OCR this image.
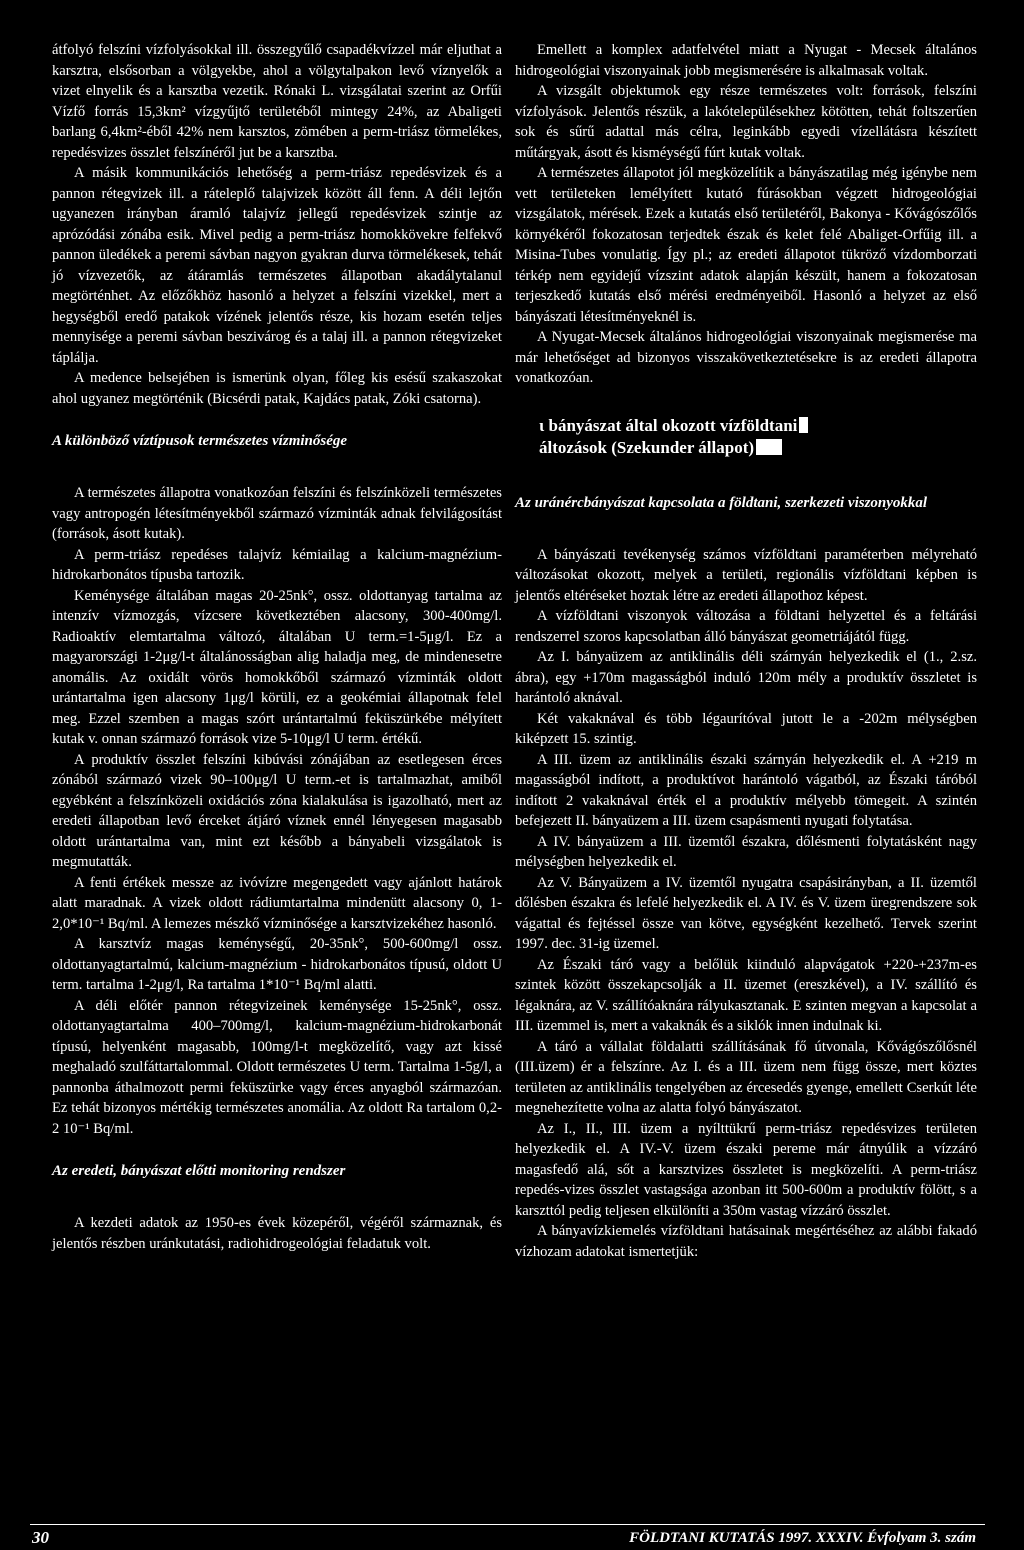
átfolyó felszíni vízfolyásokkal ill. összegyűlő csapadékvízzel már eljuthat a karsztra, elsősorban a völgyekbe, ahol a völgytalpakon levő víznyelők a vizet elnyelik és a karsztba vezetik. Rónaki L. vizsgálatai szerint az Orfűi Vízfő forrás 15,3km² vízgyűjtő területéből mintegy 24%, az Abaligeti barlang 6,4km²-éből 42% nem karsztos, zömében a perm-triász törmelékes, repedésvizes összlet felszínéről jut be a karsztba.

A másik kommunikációs lehetőség a perm-triász repedésvizek és a pannon rétegvizek ill. a ráteleplő talajvizek között áll fenn. A déli lejtőn ugyanezen irányban áramló talajvíz jellegű repedésvizek szintje az aprózódási zónába esik. Mivel pedig a perm-triász homokkövekre felfekvő pannon üledékek a peremi sávban nagyon gyakran durva törmelékesek, tehát jó vízvezetők, az átáramlás természetes állapotban akadálytalanul megtörténhet. Az előzőkhöz hasonló a helyzet a felszíni vizekkel, mert a hegységből eredő patakok vízének jelentős része, kis hozam esetén teljes mennyisége a peremi sávban beszivárog és a talaj ill. a pannon rétegvizeket táplálja.

A medence belsejében is ismerünk olyan, főleg kis esésű szakaszokat ahol ugyanez megtörténik (Bicsérdi patak, Kajdács patak, Zóki csatorna).

A különböző víztípusok természetes vízminősége

A természetes állapotra vonatkozóan felszíni és felszínközeli természetes vagy antropogén létesítményekből származó vízminták adnak felvilágosítást (források, ásott kutak).

A perm-triász repedéses talajvíz kémiailag a kalcium-magnézium-hidrokarbonátos típusba tartozik.

Keménysége általában magas 20-25nk°, ossz. oldottanyag tartalma az intenzív vízmozgás, vízcsere következtében alacsony, 300-400mg/l. Radioaktív elemtartalma változó, általában U term.=1-5μg/l. Ez a magyarországi 1-2μg/l-t általánosságban alig haladja meg, de mindenesetre anomális. Az oxidált vörös homokkőből származó vízminták oldott urántartalma igen alacsony 1μg/l körüli, ez a geokémiai állapotnak felel meg. Ezzel szemben a magas szórt urántartalmú feküszürkébe mélyített kutak v. onnan származó források vize 5-10μg/l U term. értékű.

A produktív összlet felszíni kibúvási zónájában az esetlegesen érces zónából származó vizek 90–100μg/l U term.-et is tartalmazhat, amiből egyébként a felszínközeli oxidációs zóna kialakulása is igazolható, mert az eredeti állapotban levő érceket átjáró víznek ennél lényegesen magasabb oldott urántartalma van, mint ezt később a bányabeli vizsgálatok is megmutatták.

A fenti értékek messze az ivóvízre megengedett vagy ajánlott határok alatt maradnak. A vizek oldott rádiumtartalma mindenütt alacsony 0, 1-2,0*10⁻¹ Bq/ml. A lemezes mészkő vízminősége a karsztvizekéhez hasonló.

A karsztvíz magas keménységű, 20-35nk°, 500-600mg/l ossz. oldottanyagtartalmú, kalcium-magnézium - hidrokarbonátos típusú, oldott U term. tartalma 1-2μg/l, Ra tartalma 1*10⁻¹ Bq/ml alatti.

A déli előtér pannon rétegvizeinek keménysége 15-25nk°, ossz. oldottanyagtartalma 400–700mg/l, kalcium-magnézium-hidrokarbonát típusú, helyenként magasabb, 100mg/l-t megközelítő, vagy azt kissé meghaladó szulfáttartalommal. Oldott természetes U term. Tartalma 1-5g/l, a pannonba áthalmozott permi feküszürke vagy érces anyagból származóan. Ez tehát bizonyos mértékig természetes anomália. Az oldott Ra tartalom 0,2-2 10⁻¹ Bq/ml.

Az eredeti, bányászat előtti monitoring rendszer

A kezdeti adatok az 1950-es évek közepéről, végéről származnak, és jelentős részben uránkutatási, radiohidrogeológiai feladatuk volt.

Emellett a komplex adatfelvétel miatt a Nyugat - Mecsek általános hidrogeológiai viszonyainak jobb megismerésére is alkalmasak voltak.

A vizsgált objektumok egy része természetes volt: források, felszíni vízfolyások. Jelentős részük, a lakótelepülésekhez kötötten, tehát foltszerűen sok és sűrű adattal más célra, leginkább egyedi vízellátásra készített műtárgyak, ásott és kisméységű fúrt kutak voltak.

A természetes állapotot jól megközelítik a bányászatilag még igénybe nem vett területeken lemélyített kutató fúrásokban végzett hidrogeológiai vizsgálatok, mérések. Ezek a kutatás első területéről, Bakonya - Kővágószőlős környékéről fokozatosan terjedtek észak és kelet felé Abaliget-Orfűig ill. a Misina-Tubes vonulatig. Így pl.; az eredeti állapotot tükröző vízdomborzati térkép nem egyidejű vízszint adatok alapján készült, hanem a fokozatosan terjeszkedő kutatás első mérési eredményeiből. Hasonló a helyzet az első bányászati létesítményeknél is.

A Nyugat-Mecsek általános hidrogeológiai viszonyainak megismerése ma már lehetőséget ad bizonyos visszakövetkeztetésekre is az eredeti állapotra vonatkozóan.

ι bányászat által okozott vízföldtani
áltozások (Szekunder állapot)
Az uránércbányászat kapcsolata a földtani, szerkezeti viszonyokkal

A bányászati tevékenység számos vízföldtani paraméterben mélyreható változásokat okozott, melyek a területi, regionális vízföldtani képben is jelentős eltéréseket hoztak létre az eredeti állapothoz képest.

A vízföldtani viszonyok változása a földtani helyzettel és a feltárási rendszerrel szoros kapcsolatban álló bányászat geometriájától függ.

Az I. bányaüzem az antiklinális déli szárnyán helyezkedik el (1., 2.sz. ábra), egy +170m magasságból induló 120m mély a produktív összletet is harántoló aknával.

Két vakaknával és több légaurítóval jutott le a -202m mélységben kiképzett 15. szintig.

A III. üzem az antiklinális északi szárnyán helyezkedik el. A +219 m magasságból indított, a produktívot harántoló vágatból, az Északi táróból indított 2 vakaknával érték el a produktív mélyebb tömegeit. A szintén befejezett II. bányaüzem a III. üzem csapásmenti nyugati folytatása.

A IV. bányaüzem a III. üzemtől északra, dőlésmenti folytatásként nagy mélységben helyezkedik el.

Az V. Bányaüzem a IV. üzemtől nyugatra csapásirányban, a II. üzemtől dőlésben északra és lefelé helyezkedik el. A IV. és V. üzem üregrendszere sok vágattal és fejtéssel össze van kötve, egységként kezelhető. Tervek szerint 1997. dec. 31-ig üzemel.

Az Északi táró vagy a belőlük kiinduló alapvágatok +220-+237m-es szintek között összekapcsolják a II. üzemet (ereszkével), a IV. szállító és légaknára, az V. szállítóaknára rályukasztanak. E szinten megvan a kapcsolat a III. üzemmel is, mert a vakaknák és a siklók innen indulnak ki.

A táró a vállalat földalatti szállításának fő útvonala, Kővágószőlősnél (III.üzem) ér a felszínre. Az I. és a III. üzem nem függ össze, mert köztes területen az antiklinális tengelyében az ércesedés gyenge, emellett Cserkút léte megnehezítette volna az alatta folyó bányászatot.

Az I., II., III. üzem a nyílttükrű perm-triász repedésvizes területen helyezkedik el. A IV.-V. üzem északi pereme már átnyúlik a vízzáró magasfedő alá, sőt a karsztvizes összletet is megközelíti. A perm-triász repedés-vizes összlet vastagsága azonban itt 500-600m a produktív fölött, s a karszttól pedig teljesen elkülöníti a 350m vastag vízzáró összlet.

A bányavízkiemelés vízföldtani hatásainak megértéséhez az alábbi fakadó vízhozam adatokat ismertetjük:

30	FÖLDTANI KUTATÁS 1997. XXXIV. Évfolyam 3. szám
